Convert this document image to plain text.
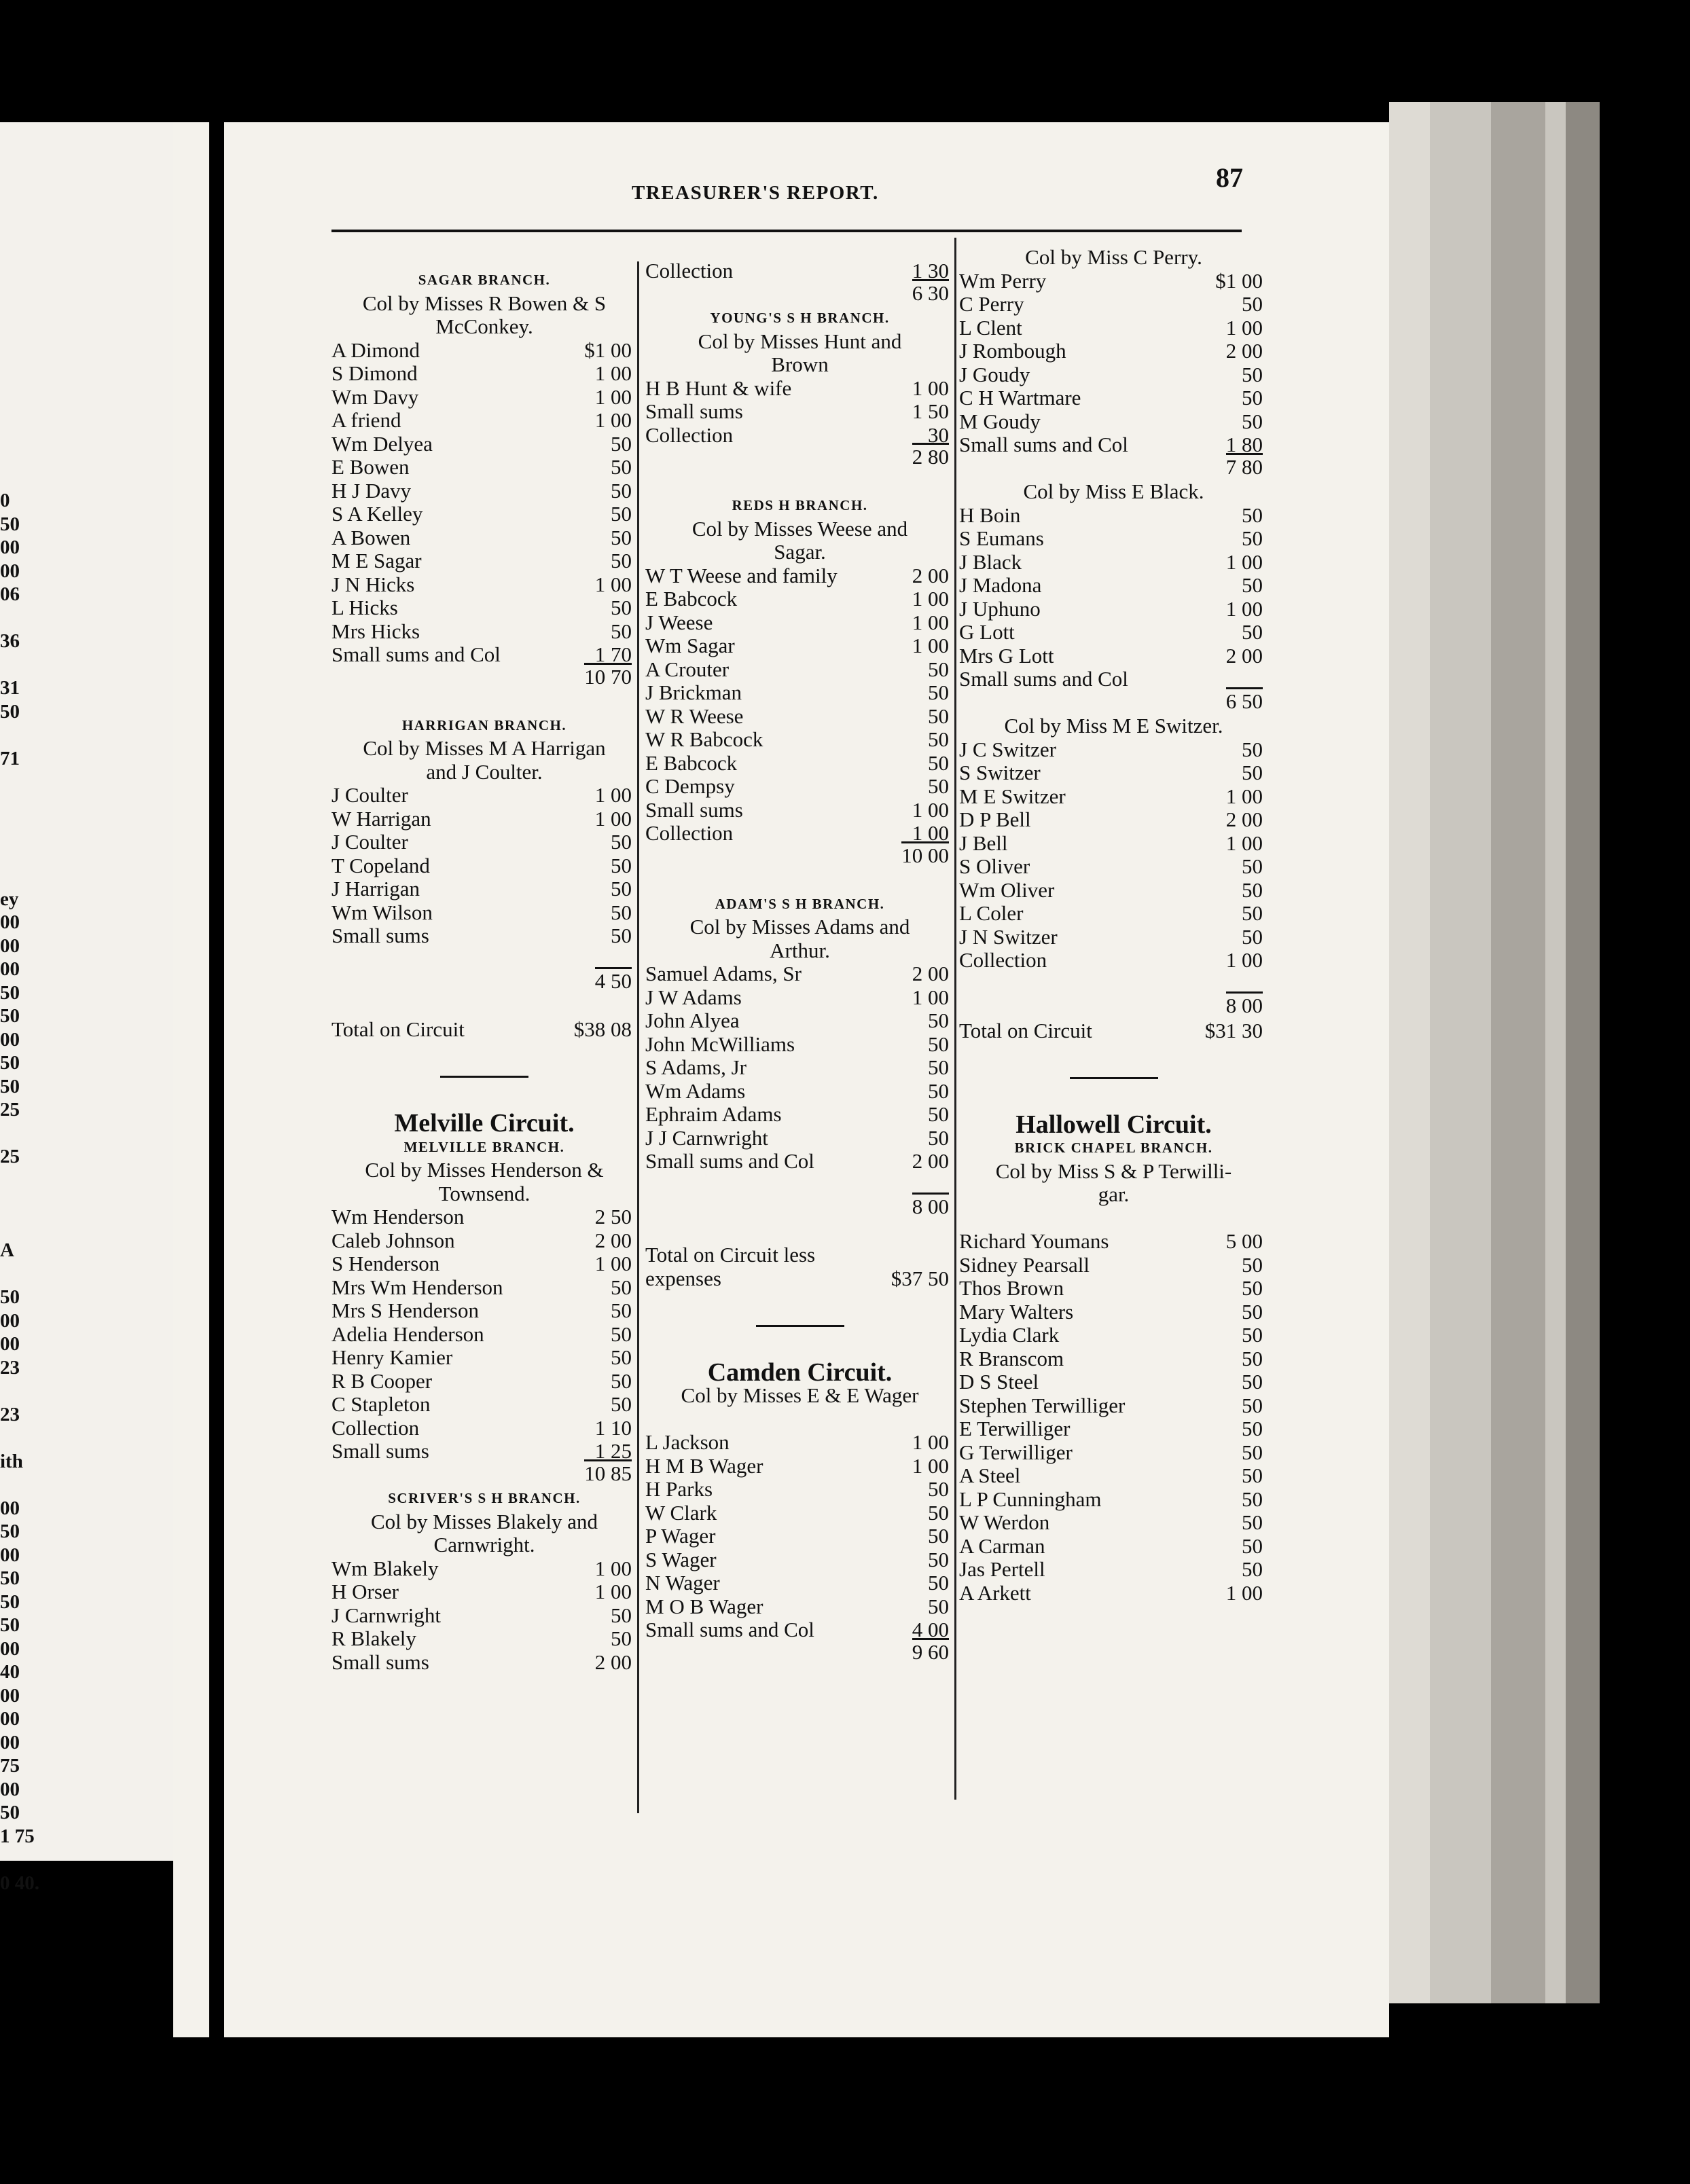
0
50
00
00
06
36
31
50
71
ey
00
00
00
50
50
00
50
50
25
25
A
50
00
00
23
23
ith
00
50
00
50
50
50
00
40
00
00
00
75
00
50
1 75
0 40.
TREASURER'S REPORT.	87
SAGAR BRANCH.
Col by Misses R Bowen & S
McConkey.
A Dimond	$1 00
S Dimond	1 00
Wm Davy	1 00
A friend	1 00
Wm Delyea	50
E Bowen	50
H J Davy	50
S A Kelley	50
A Bowen	50
M E Sagar	50
J N Hicks	1 00
L Hicks	50
Mrs Hicks	50
Small sums and Col	1 70
10 70
HARRIGAN BRANCH.
Col by Misses M A Harrigan
and J Coulter.
J Coulter	1 00
W Harrigan	1 00
J Coulter	50
T Copeland	50
J Harrigan	50
Wm Wilson	50
Small sums	50
4 50
Total on Circuit	$38 08
Melville Circuit.
MELVILLE BRANCH.
Col by Misses Henderson &
Townsend.
Wm Henderson	2 50
Caleb Johnson	2 00
S Henderson	1 00
Mrs Wm Henderson	50
Mrs S Henderson	50
Adelia Henderson	50
Henry Kamier	50
R B Cooper	50
C Stapleton	50
Collection	1 10
Small sums	1 25
10 85
SCRIVER'S S H BRANCH.
Col by Misses Blakely and
Carnwright.
Wm Blakely	1 00
H Orser	1 00
J Carnwright	50
R Blakely	50
Small sums	2 00
Collection	1 30
6 30
YOUNG'S S H BRANCH.
Col by Misses Hunt and
Brown
H B Hunt & wife	1 00
Small sums	1 50
Collection	30
2 80
REDS H BRANCH.
Col by Misses Weese and
Sagar.
W T Weese and family	2 00
E Babcock	1 00
J Weese	1 00
Wm Sagar	1 00
A Crouter	50
J Brickman	50
W R Weese	50
W R Babcock	50
E Babcock	50
C Dempsy	50
Small sums	1 00
Collection	1 00
10 00
ADAM'S S H BRANCH.
Col by Misses Adams and
Arthur.
Samuel Adams, Sr	2 00
J W Adams	1 00
John Alyea	50
John McWilliams	50
S Adams, Jr	50
Wm Adams	50
Ephraim Adams	50
J J Carnwright	50
Small sums and Col	2 00
8 00
Total on Circuit less
expenses	$37 50
Camden Circuit.
Col by Misses E & E Wager
L Jackson	1 00
H M B Wager	1 00
H Parks	50
W Clark	50
P Wager	50
S Wager	50
N Wager	50
M O B Wager	50
Small sums and Col	4 00
9 60
Col by Miss C Perry.
Wm Perry	$1 00
C Perry	50
L Clent	1 00
J Rombough	2 00
J Goudy	50
C H Wartmare	50
M Goudy	50
Small sums and Col	1 80
7 80
Col by Miss E Black.
H Boin	50
S Eumans	50
J Black	1 00
J Madona	50
J Uphuno	1 00
G Lott	50
Mrs G Lott	2 00
Small sums and Col
6 50
Col by Miss M E Switzer.
J C Switzer	50
S Switzer	50
M E Switzer	1 00
D P Bell	2 00
J Bell	1 00
S Oliver	50
Wm Oliver	50
L Coler	50
J N Switzer	50
Collection	1 00
8 00
Total on Circuit	$31 30
Hallowell Circuit.
BRICK CHAPEL BRANCH.
Col by Miss S & P Terwilli-
gar.
Richard Youmans	5 00
Sidney Pearsall	50
Thos Brown	50
Mary Walters	50
Lydia Clark	50
R Branscom	50
D S Steel	50
Stephen Terwilliger	50
E Terwilliger	50
G Terwilliger	50
A Steel	50
L P Cunningham	50
W Werdon	50
A Carman	50
Jas Pertell	50
A Arkett	1 00
